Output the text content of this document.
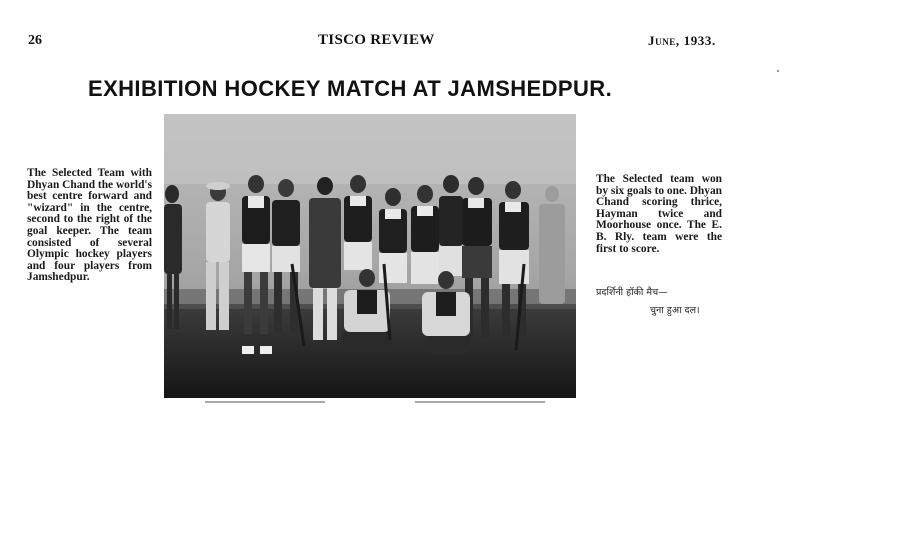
26	TISCO REVIEW	June, 1933.
EXHIBITION HOCKEY MATCH AT JAMSHEDPUR.

The Selected Team with Dhyan Chand the world's best centre forward and "wizard" in the centre, second to the right of the goal keeper. The team consisted of several Olympic hockey players and four players from Jamshedpur.

The Selected team won by six goals to one. Dhyan Chand scoring thrice, Hayman twice and Moorhouse once. The E. B. Rly. team were the first to score.

प्रदर्शिनी हॉकी मैच—
चुना हुआ दल।
